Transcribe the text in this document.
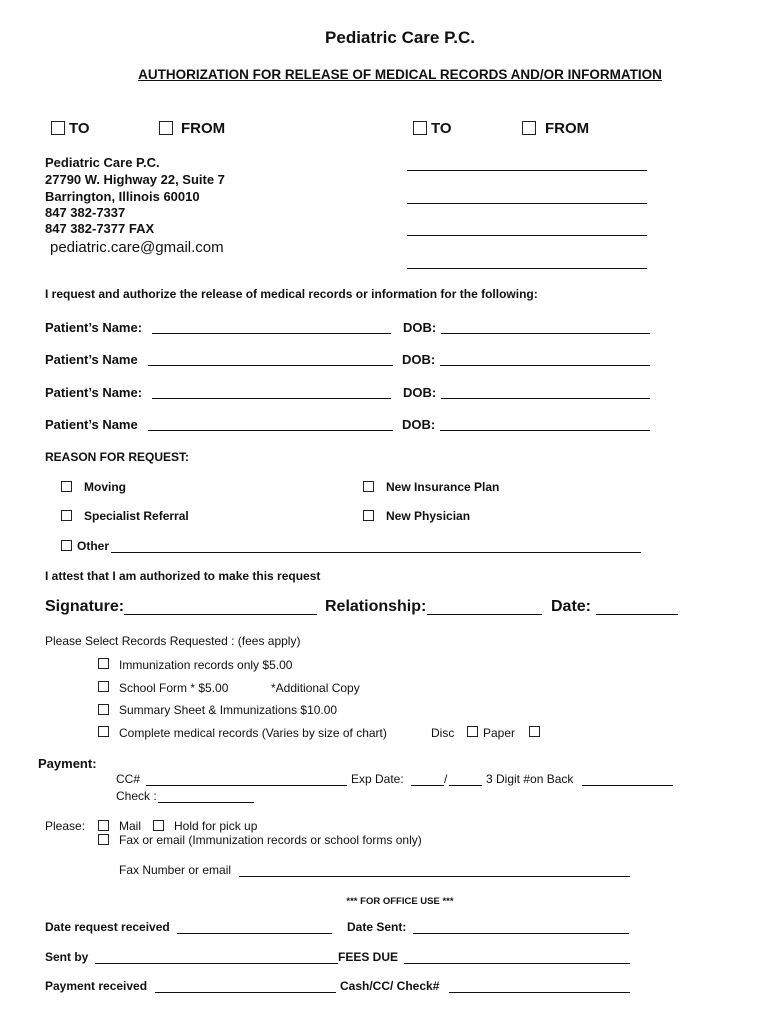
Pediatric Care P.C.
AUTHORIZATION FOR RELEASE OF MEDICAL RECORDS AND/OR INFORMATION
TO	FROM	TO	FROM
Pediatric Care P.C.
27790 W. Highway 22, Suite 7
Barrington, Illinois 60010
847 382-7337
847 382-7377 FAX
pediatric.care@gmail.com
I request and authorize the release of medical records or information for the following:
Patient’s Name:	DOB:
Patient’s Name	DOB:
Patient’s Name:	DOB:
Patient’s Name	DOB:
REASON FOR REQUEST:
Moving	New Insurance Plan
Specialist Referral	New Physician
Other
I attest that I am authorized to make this request
Signature:	Relationship:	Date:
Please Select Records Requested : (fees apply)
Immunization records only $5.00
School Form * $5.00	*Additional Copy
Summary Sheet & Immunizations $10.00
Complete medical records (Varies by size of chart)	Disc Paper
Payment:
CC#	Exp Date:	/	3 Digit #on Back
Check :
Please:	Mail	Hold for pick up
Fax or email (Immunization records or school forms only)
Fax Number or email
*** FOR OFFICE USE ***
Date request received	Date Sent:
Sent by	FEES DUE
Payment received	Cash/CC/ Check#
